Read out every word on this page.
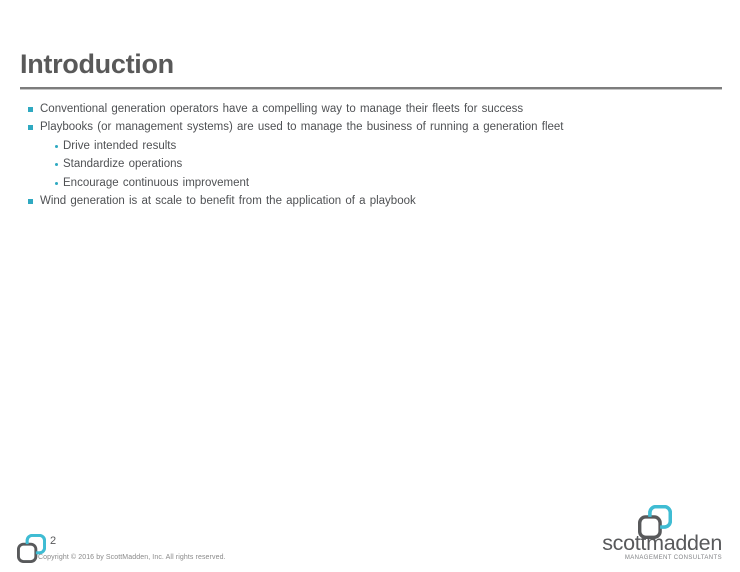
Introduction
Conventional generation operators have a compelling way to manage their fleets for success
Playbooks (or management systems) are used to manage the business of running a generation fleet
Drive intended results
Standardize operations
Encourage continuous improvement
Wind generation is at scale to benefit from the application of a playbook
2
Copyright © 2016 by ScottMadden, Inc. All rights reserved.
scottmadden
MANAGEMENT CONSULTANTS
